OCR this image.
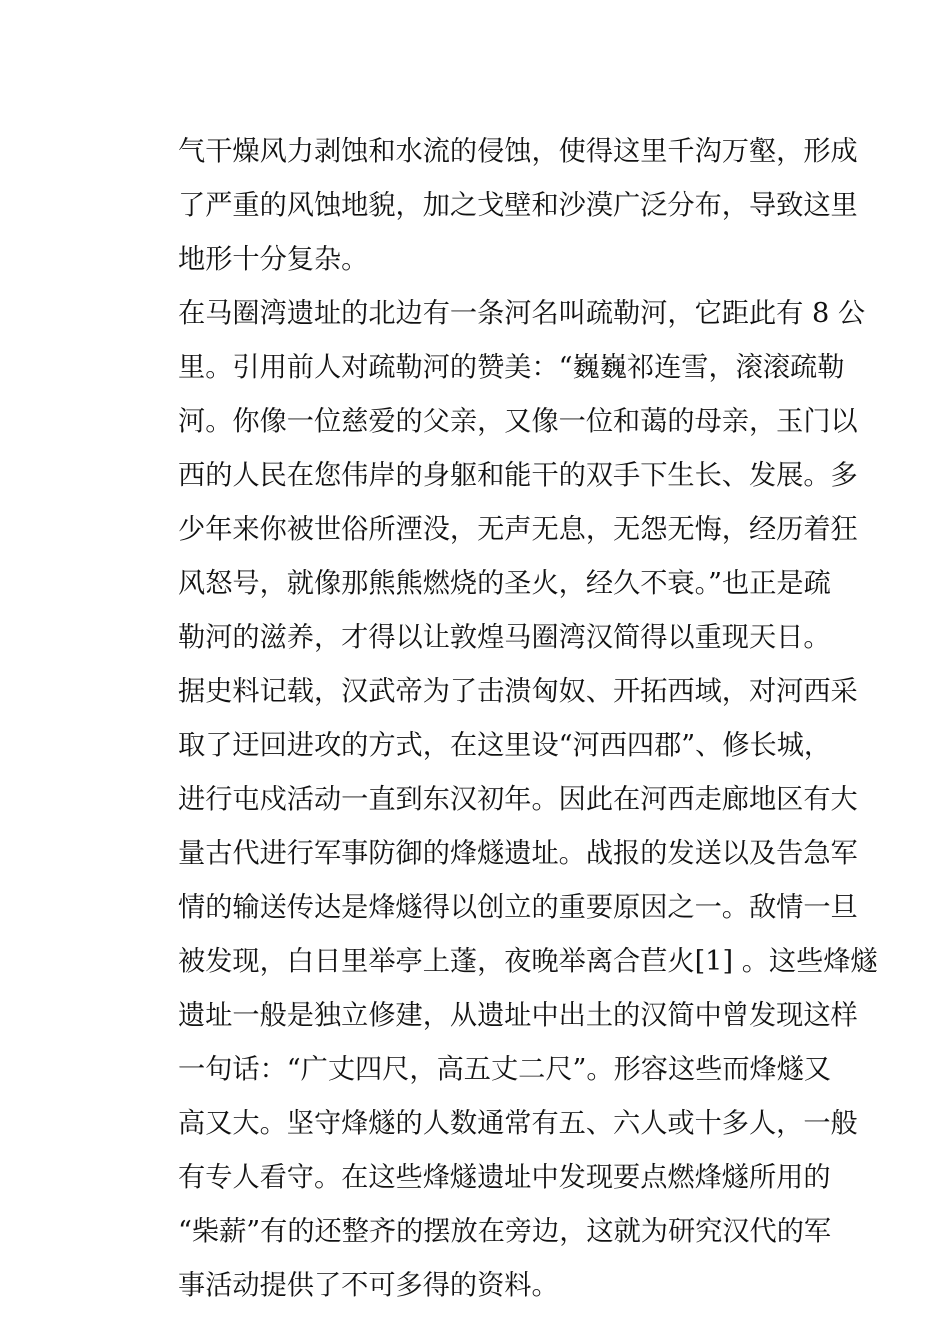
气干燥风力剥蚀和水流的侵蚀，使得这里千沟万壑，形成
了严重的风蚀地貌，加之戈壁和沙漠广泛分布，导致这里
地形十分复杂。
在马圈湾遗址的北边有一条河名叫疏勒河，它距此有 8 公
里。引用前人对疏勒河的赞美：“巍巍祁连雪，滚滚疏勒
河。你像一位慈爱的父亲，又像一位和蔼的母亲，玉门以
西的人民在您伟岸的身躯和能干的双手下生长、发展。多
少年来你被世俗所湮没，无声无息，无怨无悔，经历着狂
风怒号，就像那熊熊燃烧的圣火，经久不衰。”也正是疏
勒河的滋养，才得以让敦煌马圈湾汉简得以重现天日。
据史料记载，汉武帝为了击溃匈奴、开拓西域，对河西采
取了迂回进攻的方式，在这里设“河西四郡”、修长城，
进行屯戍活动一直到东汉初年。因此在河西走廊地区有大
量古代进行军事防御的烽燧遗址。战报的发送以及告急军
情的输送传达是烽燧得以创立的重要原因之一。敌情一旦
被发现，白日里举亭上蓬，夜晚举离合苣火[1] 。这些烽燧
遗址一般是独立修建，从遗址中出土的汉简中曾发现这样
一句话：“广丈四尺，高五丈二尺”。形容这些而烽燧又
高又大。坚守烽燧的人数通常有五、六人或十多人，一般
有专人看守。在这些烽燧遗址中发现要点燃烽燧所用的
“柴薪”有的还整齐的摆放在旁边，这就为研究汉代的军
事活动提供了不可多得的资料。
